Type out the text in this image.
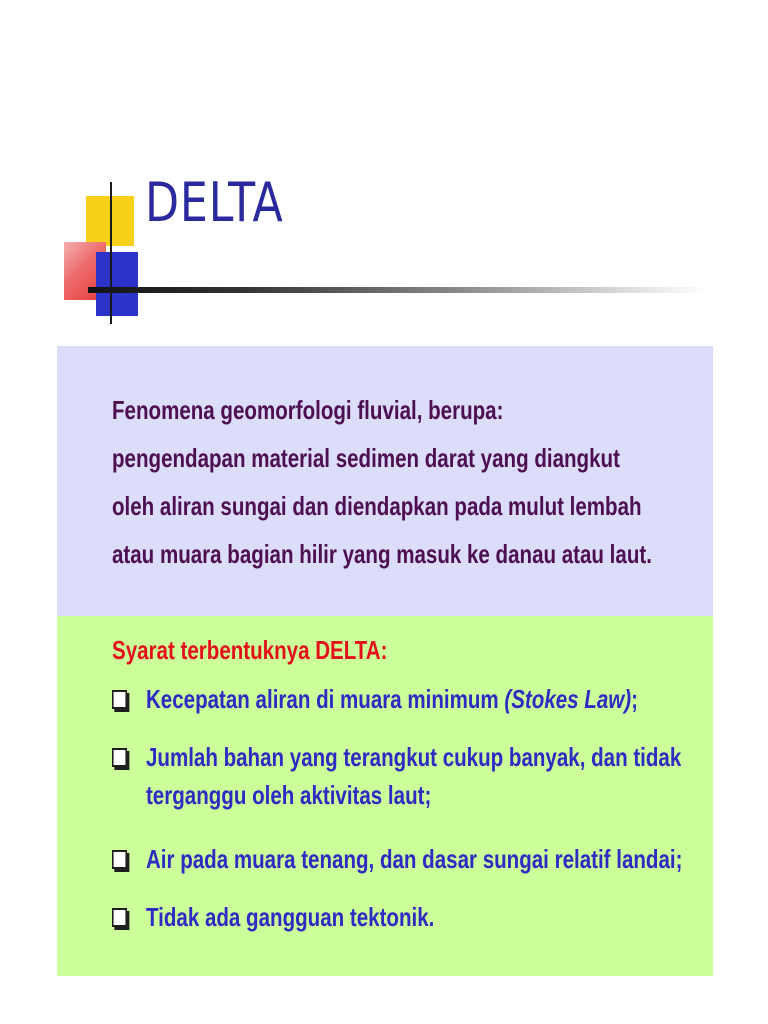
DELTA

Fenomena geomorfologi fluvial, berupa:
pengendapan material sedimen darat yang diangkut
oleh aliran sungai dan diendapkan pada mulut lembah
atau muara bagian hilir yang masuk ke danau atau laut.

Syarat terbentuknya DELTA:

Kecepatan aliran di muara minimum (Stokes Law);
Jumlah bahan yang terangkut cukup banyak, dan tidak
terganggu oleh aktivitas laut;
Air pada muara tenang, dan dasar sungai relatif landai;
Tidak ada gangguan tektonik.
